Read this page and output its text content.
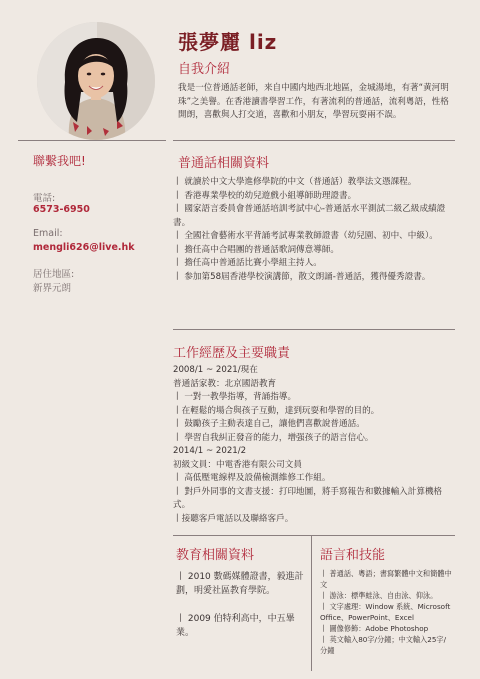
張夢麗 liz
自我介紹
我是一位普通話老師，来自中國内地西北地區，金城湯地，有著“黄河明珠”之美譽。在香港讀書學習工作，有著流利的普通話，流利粵語，性格開朗，喜歡與人打交道，喜歡和小朋友，學習玩耍兩不誤。
聯繫我吧!
電話:
6573-6950
Email:
mengli626@live.hk
居住地區:
新界元朗
普通話相關資料
丨 就讀於中文大學進修學院的中文（普通話）教學法文憑課程。
丨 香港專業學校的幼兒遊戲小組導師助理證書。
丨 國家語言委員會普通話培訓考試中心-普通話水平測試二級乙級成績證書。
丨 全國社會藝術水平背誦考試專業教師證書（幼兒園、初中、中級）。
丨 擔任高中合唱團的普通話歌詞傳意導師。
丨 擔任高中普通話比賽小學組主持人。
丨 参加第58屆香港學校演講節，散文朗誦-普通話，獲得優秀證書。
工作經歷及主要職責
2008/1 ~ 2021/現在
普通話家教：北京國語教育
丨 一對一教學指導，背誦指導。
丨在輕鬆的場合與孩子互動，達到玩耍和學習的目的。
丨 鼓勵孩子主動表達自己，讓他們喜歡說普通話。
丨 學習自我糾正發音的能力，增强孩子的語言信心。
2014/1 ~ 2021/2
初級文員：中電香港有限公司文員
丨 高低壓電線桿及設備檢測維修工作組。
丨 對戶外同事的文書支援：打印地圖，將手寫報告和數據輸入計算機格式。
丨接聽客戶電話以及聯絡客戶。
教育相關資料
丨 2010 數碼媒體證書，毅進計劃，明愛社區教育學院。
丨 2009 伯特利高中，中五畢業。
語言和技能
丨 普通話、粵語；書寫繁體中文和簡體中文
丨 游泳：標準蛙泳、自由泳、仰泳。
丨 文字處理：Window 系統、Microsoft Office、PowerPoint、Excel
丨 圖像修飾：Adobe Photoshop
丨 英文輸入80字/分鐘；中文輸入25字/分鐘
